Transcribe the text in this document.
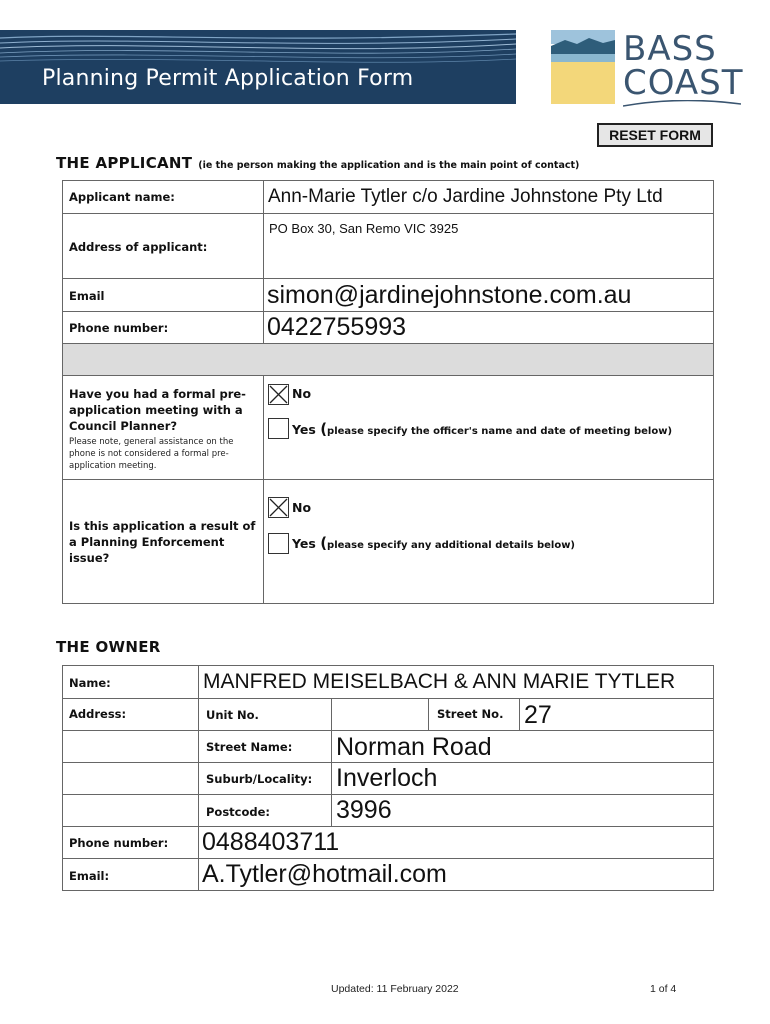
Planning Permit Application Form
BASS
COAST
RESET FORM
THE APPLICANT (ie the person making the application and is the main point of contact)
Applicant name:	Ann-Marie Tytler c/o Jardine Johnstone Pty Ltd
Address of applicant:
PO Box 30, San Remo VIC 3925
Email	simon@jardinejohnstone.com.au
Phone number:	0422755993
Have you had a formal pre-application meeting with a Council Planner?
Please note, general assistance on the phone is not considered a formal pre-application meeting.
No
Yes (please specify the officer's name and date of meeting below)
Is this application a result of a Planning Enforcement issue?
No
Yes (please specify any additional details below)
THE OWNER
Name:	MANFRED MEISELBACH & ANN MARIE TYTLER
Address:	Unit No.	Street No. 27
Street Name: Norman Road
Suburb/Locality: Inverloch
Postcode:	3996
Phone number: 0488403711
Email:	A.Tytler@hotmail.com
Updated: 11 February 2022	1 of 4
